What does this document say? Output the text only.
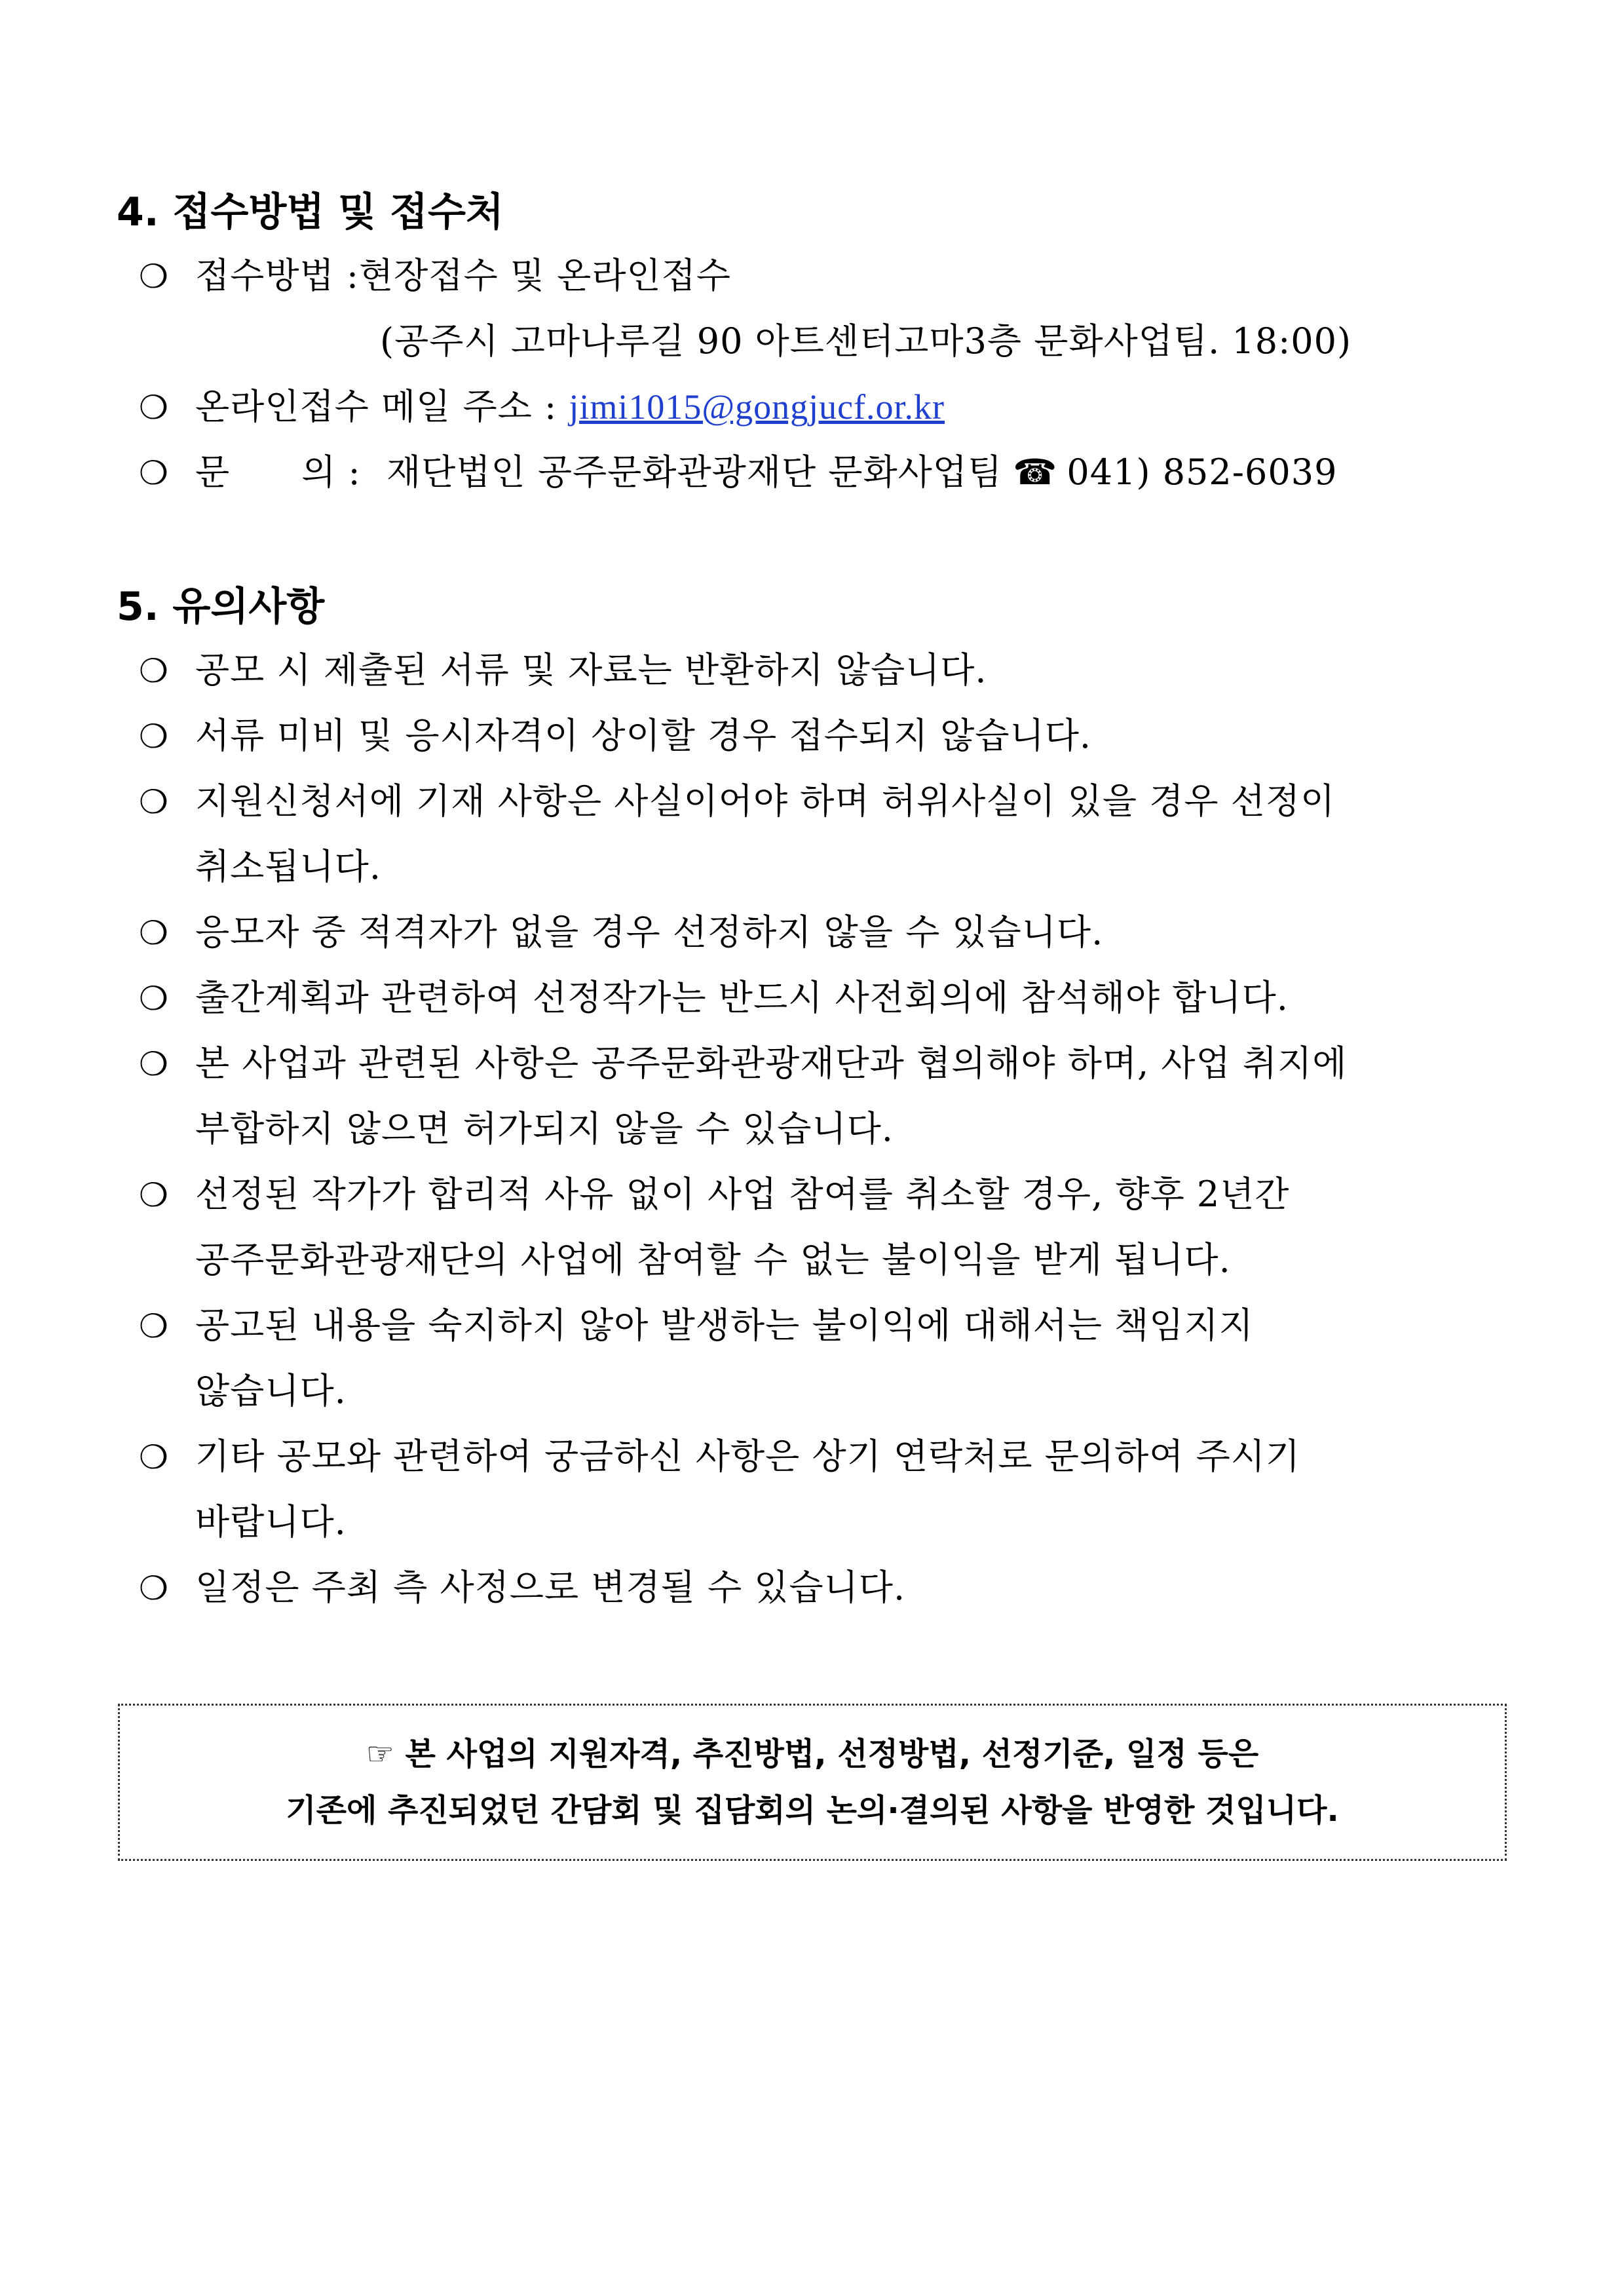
4. 접수방법 및 접수처
❍ 접수방법 :현장접수 및 온라인접수
(공주시 고마나루길 90 아트센터고마3층 문화사업팀. 18:00)
❍ 온라인접수 메일 주소 : jimi1015@gongjucf.or.kr
❍ 문      의 : 재단법인 공주문화관광재단 문화사업팀 ☎ 041) 852-6039
5. 유의사항
❍ 공모 시 제출된 서류 및 자료는 반환하지 않습니다.
❍ 서류 미비 및 응시자격이 상이할 경우 접수되지 않습니다.
❍ 지원신청서에 기재 사항은 사실이어야 하며 허위사실이 있을 경우 선정이
취소됩니다.
❍ 응모자 중 적격자가 없을 경우 선정하지 않을 수 있습니다.
❍ 출간계획과 관련하여 선정작가는 반드시 사전회의에 참석해야 합니다.
❍ 본 사업과 관련된 사항은 공주문화관광재단과 협의해야 하며, 사업 취지에
부합하지 않으면 허가되지 않을 수 있습니다.
❍ 선정된 작가가 합리적 사유 없이 사업 참여를 취소할 경우, 향후 2년간
공주문화관광재단의 사업에 참여할 수 없는 불이익을 받게 됩니다.
❍ 공고된 내용을 숙지하지 않아 발생하는 불이익에 대해서는 책임지지
않습니다.
❍ 기타 공모와 관련하여 궁금하신 사항은 상기 연락처로 문의하여 주시기
바랍니다.
❍ 일정은 주최 측 사정으로 변경될 수 있습니다.
☞ 본 사업의 지원자격, 추진방법, 선정방법, 선정기준, 일정 등은
기존에 추진되었던 간담회 및 집담회의 논의·결의된 사항을 반영한 것입니다.
